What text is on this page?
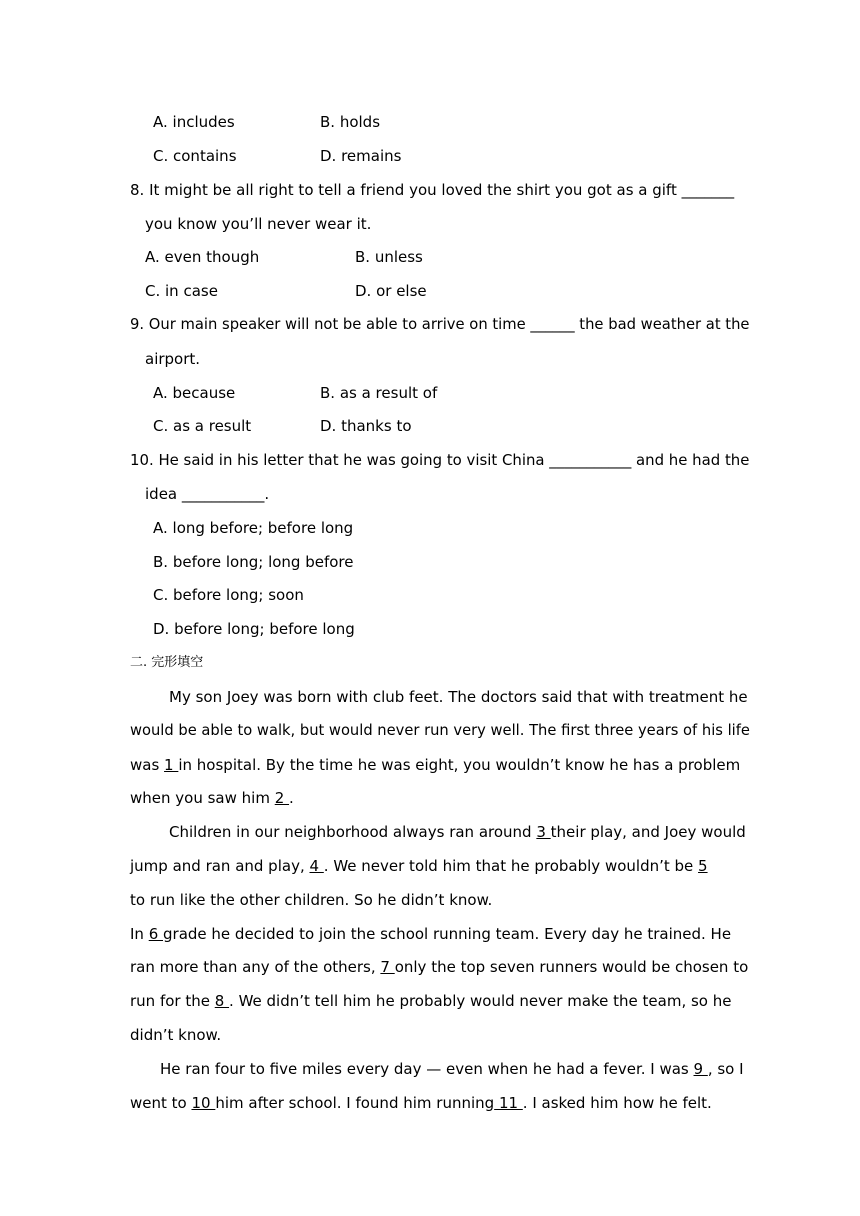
A. includes	B. holds
C. contains	D. remains
8. It might be all right to tell a friend you loved the shirt you got as a gift _______
you know you’ll never wear it.
A. even though	B. unless
C. in case	D. or else
9. Our main speaker will not be able to arrive on time ______ the bad weather at the
airport.
A. because	B. as a result of
C. as a result	D. thanks to
10. He said in his letter that he was going to visit China ___________ and he had the
idea ___________.
A. long before; before long
B. before long; long before
C. before long; soon
D. before long; before long
二. 完形填空
My son Joey was born with club feet. The doctors said that with treatment he
would be able to walk, but would never run very well. The first three years of his life
was 1 in hospital. By the time he was eight, you wouldn’t know he has a problem
when you saw him 2 .
Children in our neighborhood always ran around 3 their play, and Joey would
jump and ran and play, 4 . We never told him that he probably wouldn’t be 5
to run like the other children. So he didn’t know.
In 6 grade he decided to join the school running team. Every day he trained. He
ran more than any of the others, 7 only the top seven runners would be chosen to
run for the 8 . We didn’t tell him he probably would never make the team, so he
didn’t know.
He ran four to five miles every day — even when he had a fever. I was 9 , so I
went to 10 him after school. I found him running 11 . I asked him how he felt.
